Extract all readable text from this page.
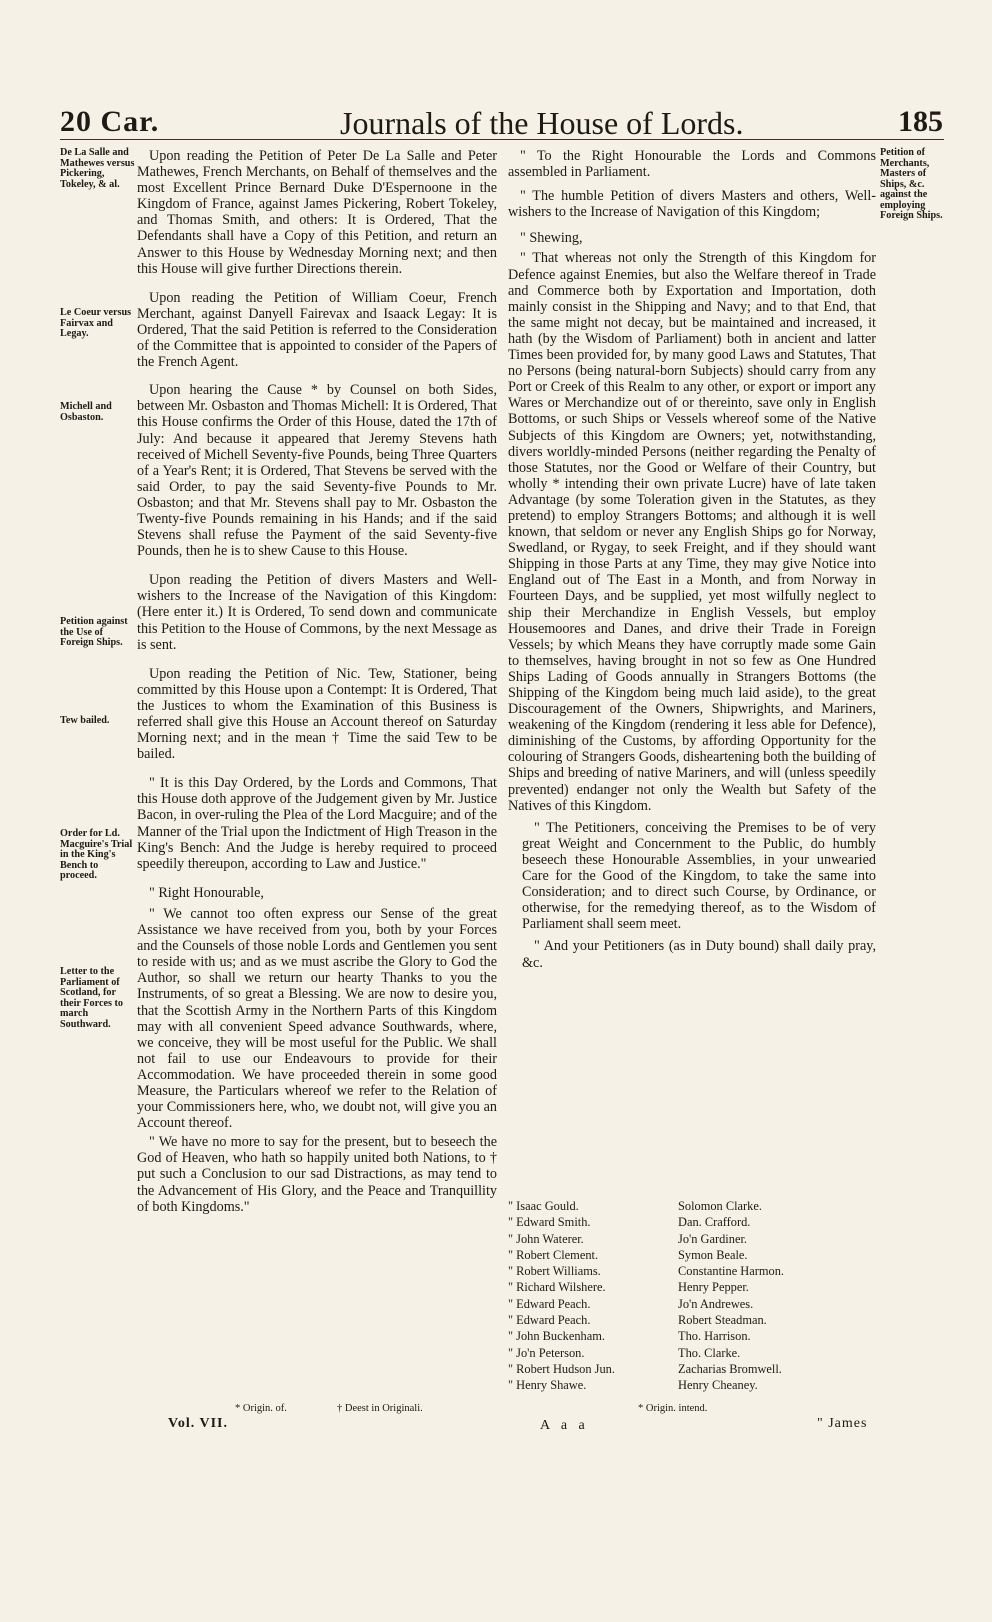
20 Car.	Journals of the House of Lords.	185
De La Salle and Mathewes versus Pickering, Tokeley, & al.
Le Coeur versus Fairvax and Legay.
Michell and Osbaston.
Petition against the Use of Foreign Ships.
Tew bailed.
Order for Ld. Macguire's Trial in the King's Bench to proceed.
Letter to the Parliament of Scotland, for their Forces to march Southward.
Petition of Merchants, Masters of Ships, &c. against the employing Foreign Ships.

Upon reading the Petition of Peter De La Salle and Peter Mathewes, French Merchants, on Behalf of themselves and the most Excellent Prince Bernard Duke D'Espernoone in the Kingdom of France, against James Pickering, Robert Tokeley, and Thomas Smith, and others: It is Ordered, That the Defendants shall have a Copy of this Petition, and return an Answer to this House by Wednesday Morning next; and then this House will give further Directions therein.

Upon reading the Petition of William Coeur, French Merchant, against Danyell Fairevax and Isaack Legay: It is Ordered, That the said Petition is referred to the Consideration of the Committee that is appointed to consider of the Papers of the French Agent.

Upon hearing the Cause * by Counsel on both Sides, between Mr. Osbaston and Thomas Michell: It is Ordered, That this House confirms the Order of this House, dated the 17th of July: And because it appeared that Jeremy Stevens hath received of Michell Seventy-five Pounds, being Three Quarters of a Year's Rent; it is Ordered, That Stevens be served with the said Order, to pay the said Seventy-five Pounds to Mr. Osbaston; and that Mr. Stevens shall pay to Mr. Osbaston the Twenty-five Pounds remaining in his Hands; and if the said Stevens shall refuse the Payment of the said Seventy-five Pounds, then he is to shew Cause to this House.

Upon reading the Petition of divers Masters and Well-wishers to the Increase of the Navigation of this Kingdom: (Here enter it.) It is Ordered, To send down and communicate this Petition to the House of Commons, by the next Message as is sent.

Upon reading the Petition of Nic. Tew, Stationer, being committed by this House upon a Contempt: It is Ordered, That the Justices to whom the Examination of this Business is referred shall give this House an Account thereof on Saturday Morning next; and in the mean † Time the said Tew to be bailed.

" It is this Day Ordered, by the Lords and Commons, That this House doth approve of the Judgement given by Mr. Justice Bacon, in over-ruling the Plea of the Lord Macguire; and of the Manner of the Trial upon the Indictment of High Treason in the King's Bench: And the Judge is hereby required to proceed speedily thereupon, according to Law and Justice."

" Right Honourable,

" We cannot too often express our Sense of the great Assistance we have received from you, both by your Forces and the Counsels of those noble Lords and Gentlemen you sent to reside with us; and as we must ascribe the Glory to God the Author, so shall we return our hearty Thanks to you the Instruments, of so great a Blessing. We are now to desire you, that the Scottish Army in the Northern Parts of this Kingdom may with all convenient Speed advance Southwards, where, we conceive, they will be most useful for the Public. We shall not fail to use our Endeavours to provide for their Accommodation. We have proceeded therein in some good Measure, the Particulars whereof we refer to the Relation of your Commissioners here, who, we doubt not, will give you an Account thereof.

" We have no more to say for the present, but to beseech the God of Heaven, who hath so happily united both Nations, to † put such a Conclusion to our sad Distractions, as may tend to the Advancement of His Glory, and the Peace and Tranquillity of both Kingdoms."

" To the Right Honourable the Lords and Commons assembled in Parliament.

" The humble Petition of divers Masters and others, Well-wishers to the Increase of Navigation of this Kingdom;

" Shewing,

" That whereas not only the Strength of this Kingdom for Defence against Enemies, but also the Welfare thereof in Trade and Commerce both by Exportation and Importation, doth mainly consist in the Shipping and Navy; and to that End, that the same might not decay, but be maintained and increased, it hath (by the Wisdom of Parliament) both in ancient and latter Times been provided for, by many good Laws and Statutes, That no Persons (being natural-born Subjects) should carry from any Port or Creek of this Realm to any other, or export or import any Wares or Merchandize out of or thereinto, save only in English Bottoms, or such Ships or Vessels whereof some of the Native Subjects of this Kingdom are Owners; yet, notwithstanding, divers worldly-minded Persons (neither regarding the Penalty of those Statutes, nor the Good or Welfare of their Country, but wholly * intending their own private Lucre) have of late taken Advantage (by some Toleration given in the Statutes, as they pretend) to employ Strangers Bottoms; and although it is well known, that seldom or never any English Ships go for Norway, Swedland, or Rygay, to seek Freight, and if they should want Shipping in those Parts at any Time, they may give Notice into England out of The East in a Month, and from Norway in Fourteen Days, and be supplied, yet most wilfully neglect to ship their Merchandize in English Vessels, but employ Housemoores and Danes, and drive their Trade in Foreign Vessels; by which Means they have corruptly made some Gain to themselves, having brought in not so few as One Hundred Ships Lading of Goods annually in Strangers Bottoms (the Shipping of the Kingdom being much laid aside), to the great Discouragement of the Owners, Shipwrights, and Mariners, weakening of the Kingdom (rendering it less able for Defence), diminishing of the Customs, by affording Opportunity for the colouring of Strangers Goods, disheartening both the building of Ships and breeding of native Mariners, and will (unless speedily prevented) endanger not only the Wealth but Safety of the Natives of this Kingdom.

" The Petitioners, conceiving the Premises to be of very great Weight and Concernment to the Public, do humbly beseech these Honourable Assemblies, in your unwearied Care for the Good of the Kingdom, to take the same into Consideration; and to direct such Course, by Ordinance, or otherwise, for the remedying thereof, as to the Wisdom of Parliament shall seem meet.

" And your Petitioners (as in Duty bound) shall daily pray, &c.

" Isaac Gould.	Solomon Clarke.
" Edward Smith.	Dan. Crafford.
" John Waterer.	Jo'n Gardiner.
" Robert Clement.	Symon Beale.
" Robert Williams.	Constantine Harmon.
" Richard Wilshere.	Henry Pepper.
" Edward Peach.	Jo'n Andrewes.
" Edward Peach.	Robert Steadman.
" John Buckenham.	Tho. Harrison.
" Jo'n Peterson.	Tho. Clarke.
" Robert Hudson Jun.	Zacharias Bromwell.
" Henry Shawe.	Henry Cheaney.
* Origin. of.	† Deest in Originali.
Vol. VII.	A a a
* Origin. intend.
" James
